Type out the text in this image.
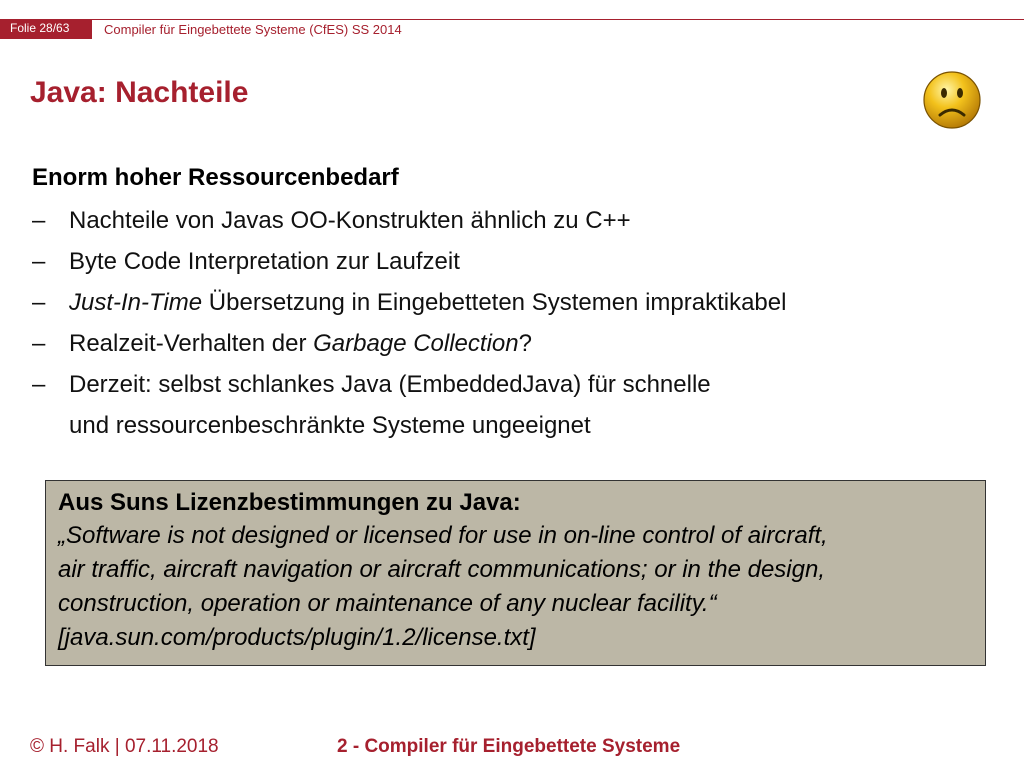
Folie 28/63	Compiler für Eingebettete Systeme (CfES) SS 2014
Java: Nachteile
Enorm hoher Ressourcenbedarf
– Nachteile von Javas OO-Konstrukten ähnlich zu C++
– Byte Code Interpretation zur Laufzeit
– Just-In-Time Übersetzung in Eingebetteten Systemen impraktikabel
– Realzeit-Verhalten der Garbage Collection?
– Derzeit: selbst schlankes Java (EmbeddedJava) für schnelle
und ressourcenbeschränkte Systeme ungeeignet
Aus Suns Lizenzbestimmungen zu Java:
„Software is not designed or licensed for use in on-line control of aircraft,
air traffic, aircraft navigation or aircraft communications; or in the design,
construction, operation or maintenance of any nuclear facility.“
[java.sun.com/products/plugin/1.2/license.txt]
© H. Falk | 07.11.2018	2 - Compiler für Eingebettete Systeme
